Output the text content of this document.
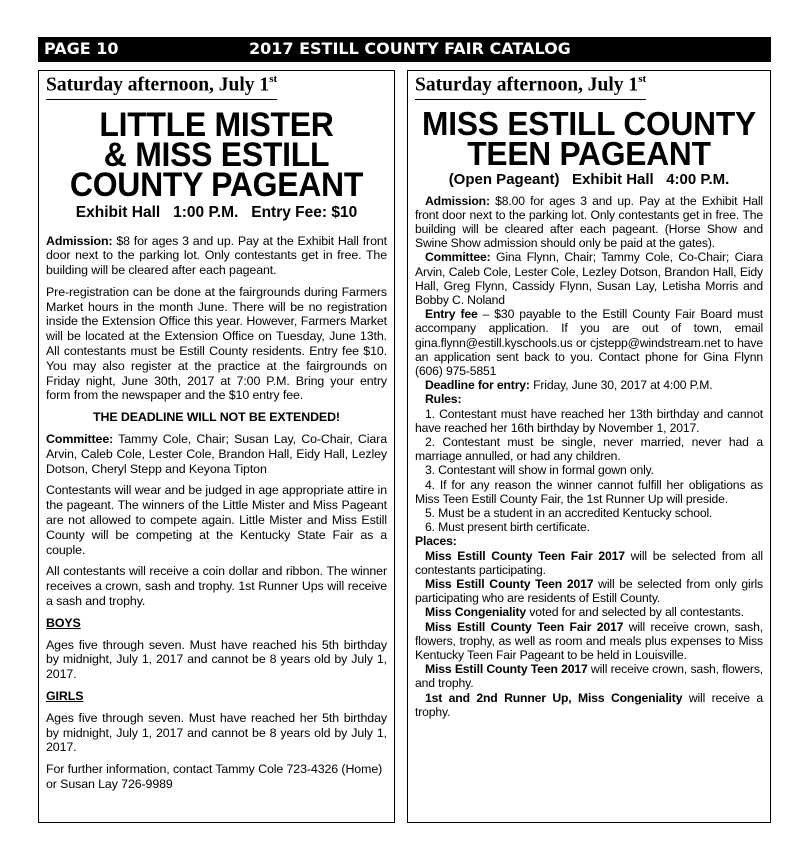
PAGE 10	2017 ESTILL COUNTY FAIR CATALOG
Saturday afternoon, July 1st
LITTLE MISTER
& MISS ESTILL
COUNTY PAGEANT
Exhibit Hall   1:00 P.M.   Entry Fee: $10

Admission: $8 for ages 3 and up. Pay at the Exhibit Hall front door next to the parking lot. Only contestants get in free. The building will be cleared after each pageant.

Pre-registration can be done at the fairgrounds during Farmers Market hours in the month June. There will be no registration inside the Extension Office this year. However, Farmers Market will be located at the Extension Office on Tuesday, June 13th. All contestants must be Estill County residents. Entry fee $10. You may also register at the practice at the fairgrounds on Friday night, June 30th, 2017 at 7:00 P.M. Bring your entry form from the newspaper and the $10 entry fee.

THE DEADLINE WILL NOT BE EXTENDED!

Committee: Tammy Cole, Chair; Susan Lay, Co-Chair, Ciara Arvin, Caleb Cole, Lester Cole, Brandon Hall, Eidy Hall, Lezley Dotson, Cheryl Stepp and Keyona Tipton

Contestants will wear and be judged in age appropriate attire in the pageant. The winners of the Little Mister and Miss Pageant are not allowed to compete again. Little Mister and Miss Estill County will be competing at the Kentucky State Fair as a couple.

All contestants will receive a coin dollar and ribbon. The winner receives a crown, sash and trophy. 1st Runner Ups will receive a sash and trophy.

BOYS

Ages five through seven. Must have reached his 5th birthday by midnight, July 1, 2017 and cannot be 8 years old by July 1, 2017.

GIRLS

Ages five through seven. Must have reached her 5th birthday by midnight, July 1, 2017 and cannot be 8 years old by July 1, 2017.

For further information, contact Tammy Cole 723-4326 (Home) or Susan Lay 726-9989

Saturday afternoon, July 1st
MISS ESTILL COUNTY
TEEN PAGEANT
(Open Pageant)   Exhibit Hall   4:00 P.M.

Admission: $8.00 for ages 3 and up. Pay at the Exhibit Hall front door next to the parking lot. Only contestants get in free. The building will be cleared after each pageant. (Horse Show and Swine Show admission should only be paid at the gates).

Committee: Gina Flynn, Chair; Tammy Cole, Co-Chair; Ciara Arvin, Caleb Cole, Lester Cole, Lezley Dotson, Brandon Hall, Eidy Hall, Greg Flynn, Cassidy Flynn, Susan Lay, Letisha Morris and Bobby C. Noland

Entry fee – $30 payable to the Estill County Fair Board must accompany application. If you are out of town, email gina.flynn@estill.kyschools.us or cjstepp@windstream.net to have an application sent back to you. Contact phone for Gina Flynn (606) 975-5851

Deadline for entry: Friday, June 30, 2017 at 4:00 P.M.

Rules:

1. Contestant must have reached her 13th birthday and cannot have reached her 16th birthday by November 1, 2017.

2. Contestant must be single, never married, never had a marriage annulled, or had any children.

3. Contestant will show in formal gown only.

4. If for any reason the winner cannot fulfill her obligations as Miss Teen Estill County Fair, the 1st Runner Up will preside.

5. Must be a student in an accredited Kentucky school.

6. Must present birth certificate.

Places:

Miss Estill County Teen Fair 2017 will be selected from all contestants participating.

Miss Estill County Teen 2017 will be selected from only girls participating who are residents of Estill County.

Miss Congeniality voted for and selected by all contestants.

Miss Estill County Teen Fair 2017 will receive crown, sash, flowers, trophy, as well as room and meals plus expenses to Miss Kentucky Teen Fair Pageant to be held in Louisville.

Miss Estill County Teen 2017 will receive crown, sash, flowers, and trophy.

1st and 2nd Runner Up, Miss Congeniality will receive a trophy.
